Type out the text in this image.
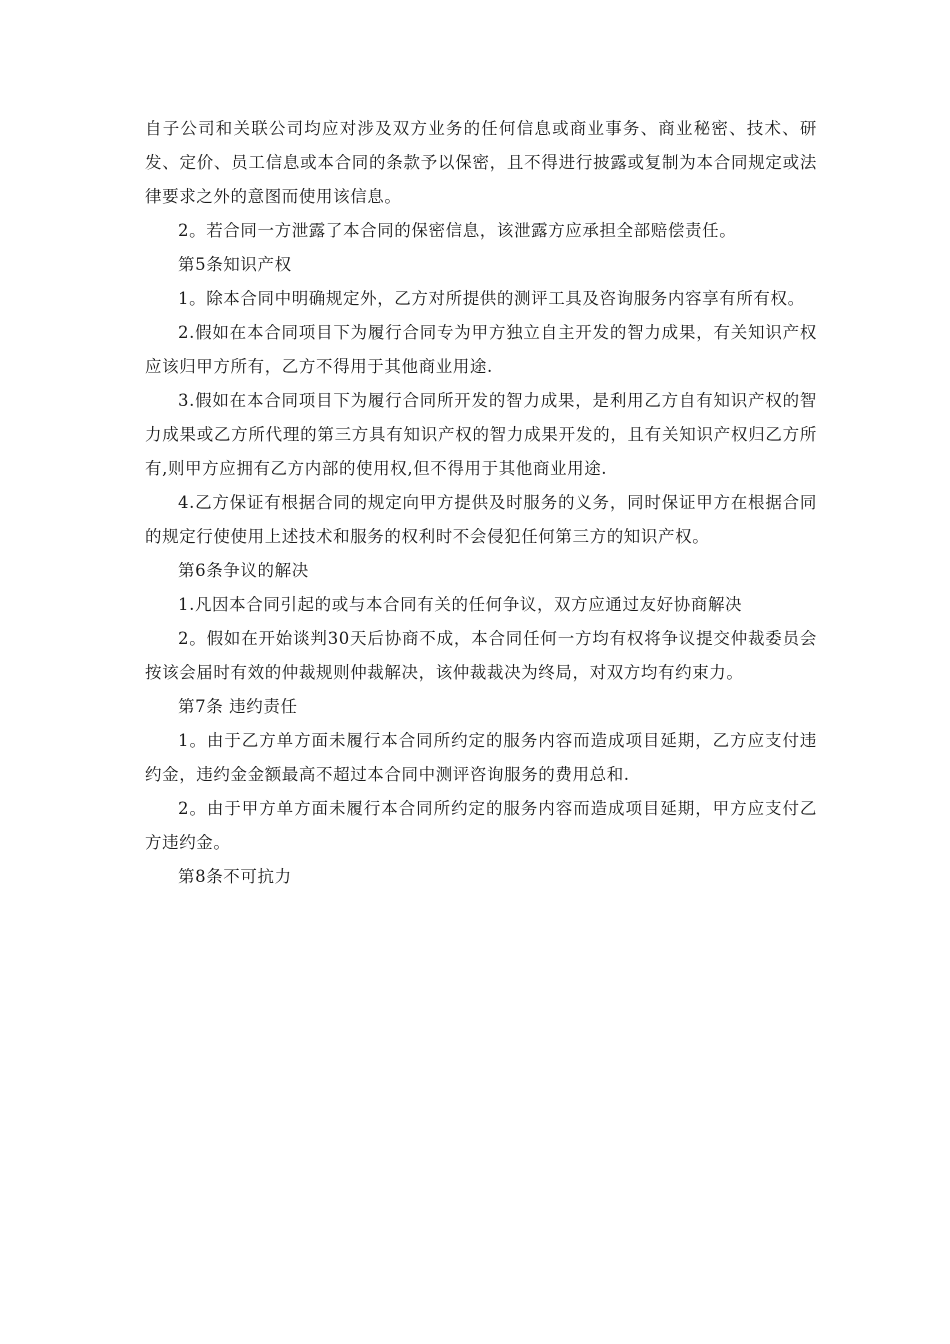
自子公司和关联公司均应对涉及双方业务的任何信息或商业事务、商业秘密、技术、研发、定价、员工信息或本合同的条款予以保密，且不得进行披露或复制为本合同规定或法律要求之外的意图而使用该信息。

2。若合同一方泄露了本合同的保密信息，该泄露方应承担全部赔偿责任。

第5条知识产权

1。除本合同中明确规定外，乙方对所提供的测评工具及咨询服务内容享有所有权。

2.假如在本合同项目下为履行合同专为甲方独立自主开发的智力成果，有关知识产权应该归甲方所有，乙方不得用于其他商业用途.

3.假如在本合同项目下为履行合同所开发的智力成果，是利用乙方自有知识产权的智力成果或乙方所代理的第三方具有知识产权的智力成果开发的，且有关知识产权归乙方所有,则甲方应拥有乙方内部的使用权,但不得用于其他商业用途.

4.乙方保证有根据合同的规定向甲方提供及时服务的义务，同时保证甲方在根据合同的规定行使使用上述技术和服务的权利时不会侵犯任何第三方的知识产权。

第6条争议的解决

1.凡因本合同引起的或与本合同有关的任何争议，双方应通过友好协商解决

2。假如在开始谈判30天后协商不成，本合同任何一方均有权将争议提交仲裁委员会按该会届时有效的仲裁规则仲裁解决，该仲裁裁决为终局，对双方均有约束力。

第7条 违约责任

1。由于乙方单方面未履行本合同所约定的服务内容而造成项目延期，乙方应支付违约金，违约金金额最高不超过本合同中测评咨询服务的费用总和.

2。由于甲方单方面未履行本合同所约定的服务内容而造成项目延期，甲方应支付乙方违约金。

第8条不可抗力
